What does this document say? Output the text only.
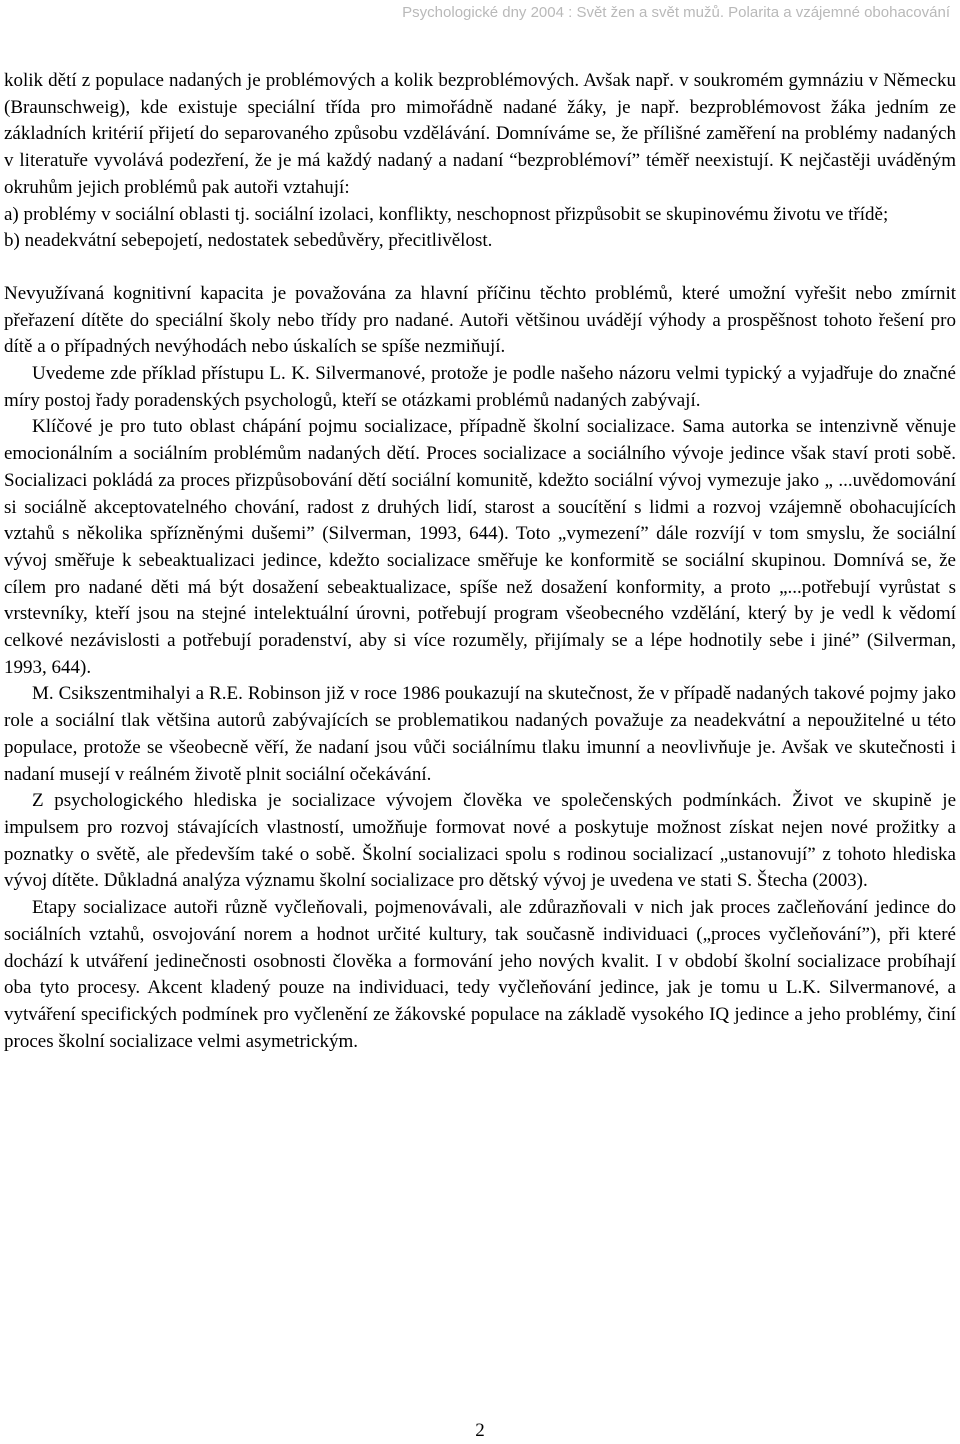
Psychologické dny 2004 : Svět žen a svět mužů. Polarita a vzájemné obohacování

kolik dětí z populace nadaných je problémových a kolik bezproblémových. Avšak např. v soukromém gymnáziu v Německu (Braunschweig), kde existuje speciální třída pro mimořádně nadané žáky, je např. bezproblémovost žáka jedním ze základních kritérií přijetí do separovaného způsobu vzdělávání. Domníváme se, že přílišné zaměření na problémy nadaných v literatuře vyvolává podezření, že je má každý nadaný a nadaní “bezproblémoví” téměř neexistují. K nejčastěji uváděným okruhům jejich problémů pak autoři vztahují:

a) problémy v sociální oblasti tj. sociální izolaci, konflikty, neschopnost přizpůsobit se skupinovému životu ve třídě;

b) neadekvátní sebepojetí, nedostatek sebedůvěry, přecitlivělost.

Nevyužívaná kognitivní kapacita je považována za hlavní příčinu těchto problémů, které umožní vyřešit nebo zmírnit přeřazení dítěte do speciální školy nebo třídy pro nadané. Autoři většinou uvádějí výhody a prospěšnost tohoto řešení pro dítě a o případných nevýhodách nebo úskalích se spíše nezmiňují.

Uvedeme zde příklad přístupu L. K. Silvermanové, protože je podle našeho názoru velmi typický a vyjadřuje do značné míry postoj řady poradenských psychologů, kteří se otázkami problémů nadaných zabývají.

Klíčové je pro tuto oblast chápání pojmu socializace, případně školní socializace. Sama autorka se intenzivně věnuje emocionálním a sociálním problémům nadaných dětí. Proces socializace a sociálního vývoje jedince však staví proti sobě. Socializaci pokládá za proces přizpůsobování dětí sociální komunitě, kdežto sociální vývoj vymezuje jako „ ...uvědomování si sociálně akceptovatelného chování, radost z druhých lidí, starost a soucítění s lidmi a rozvoj vzájemně obohacujících vztahů s několika spřízněnými dušemi” (Silverman, 1993, 644). Toto „vymezení” dále rozvíjí v tom smyslu, že sociální vývoj směřuje k sebeaktualizaci jedince, kdežto socializace směřuje ke konformitě se sociální skupinou. Domnívá se, že cílem pro nadané děti má být dosažení sebeaktualizace, spíše než dosažení konformity, a proto „...potřebují vyrůstat s vrstevníky, kteří jsou na stejné intelektuální úrovni, potřebují program všeobecného vzdělání, který by je vedl k vědomí celkové nezávislosti a potřebují poradenství, aby si více rozuměly, přijímaly se a lépe hodnotily sebe i jiné” (Silverman, 1993, 644).

M. Csikszentmihalyi a R.E. Robinson již v roce 1986 poukazují na skutečnost, že v případě nadaných takové pojmy jako role a sociální tlak většina autorů zabývajících se problematikou nadaných považuje za neadekvátní a nepoužitelné u této populace, protože se všeobecně věří, že nadaní jsou vůči sociálnímu tlaku imunní a neovlivňuje je. Avšak ve skutečnosti i nadaní musejí v reálném životě plnit sociální očekávání.

Z psychologického hlediska je socializace vývojem člověka ve společenských podmínkách. Život ve skupině je impulsem pro rozvoj stávajících vlastností, umožňuje formovat nové a poskytuje možnost získat nejen nové prožitky a poznatky o světě, ale především také o sobě. Školní socializaci spolu s rodinou socializací „ustanovují” z tohoto hlediska vývoj dítěte. Důkladná analýza významu školní socializace pro dětský vývoj je uvedena ve stati S. Štecha (2003).

Etapy socializace autoři různě vyčleňovali, pojmenovávali, ale zdůrazňovali v nich jak proces začleňování jedince do sociálních vztahů, osvojování norem a hodnot určité kultury, tak současně individuaci („proces vyčleňování”), při které dochází k utváření jedinečnosti osobnosti člověka a formování jeho nových kvalit. I v období školní socializace probíhají oba tyto procesy. Akcent kladený pouze na individuaci, tedy vyčleňování jedince, jak je tomu u L.K. Silvermanové, a vytváření specifických podmínek pro vyčlenění ze žákovské populace na základě vysokého IQ jedince a jeho problémy, činí proces školní socializace velmi asymetrickým.

2
